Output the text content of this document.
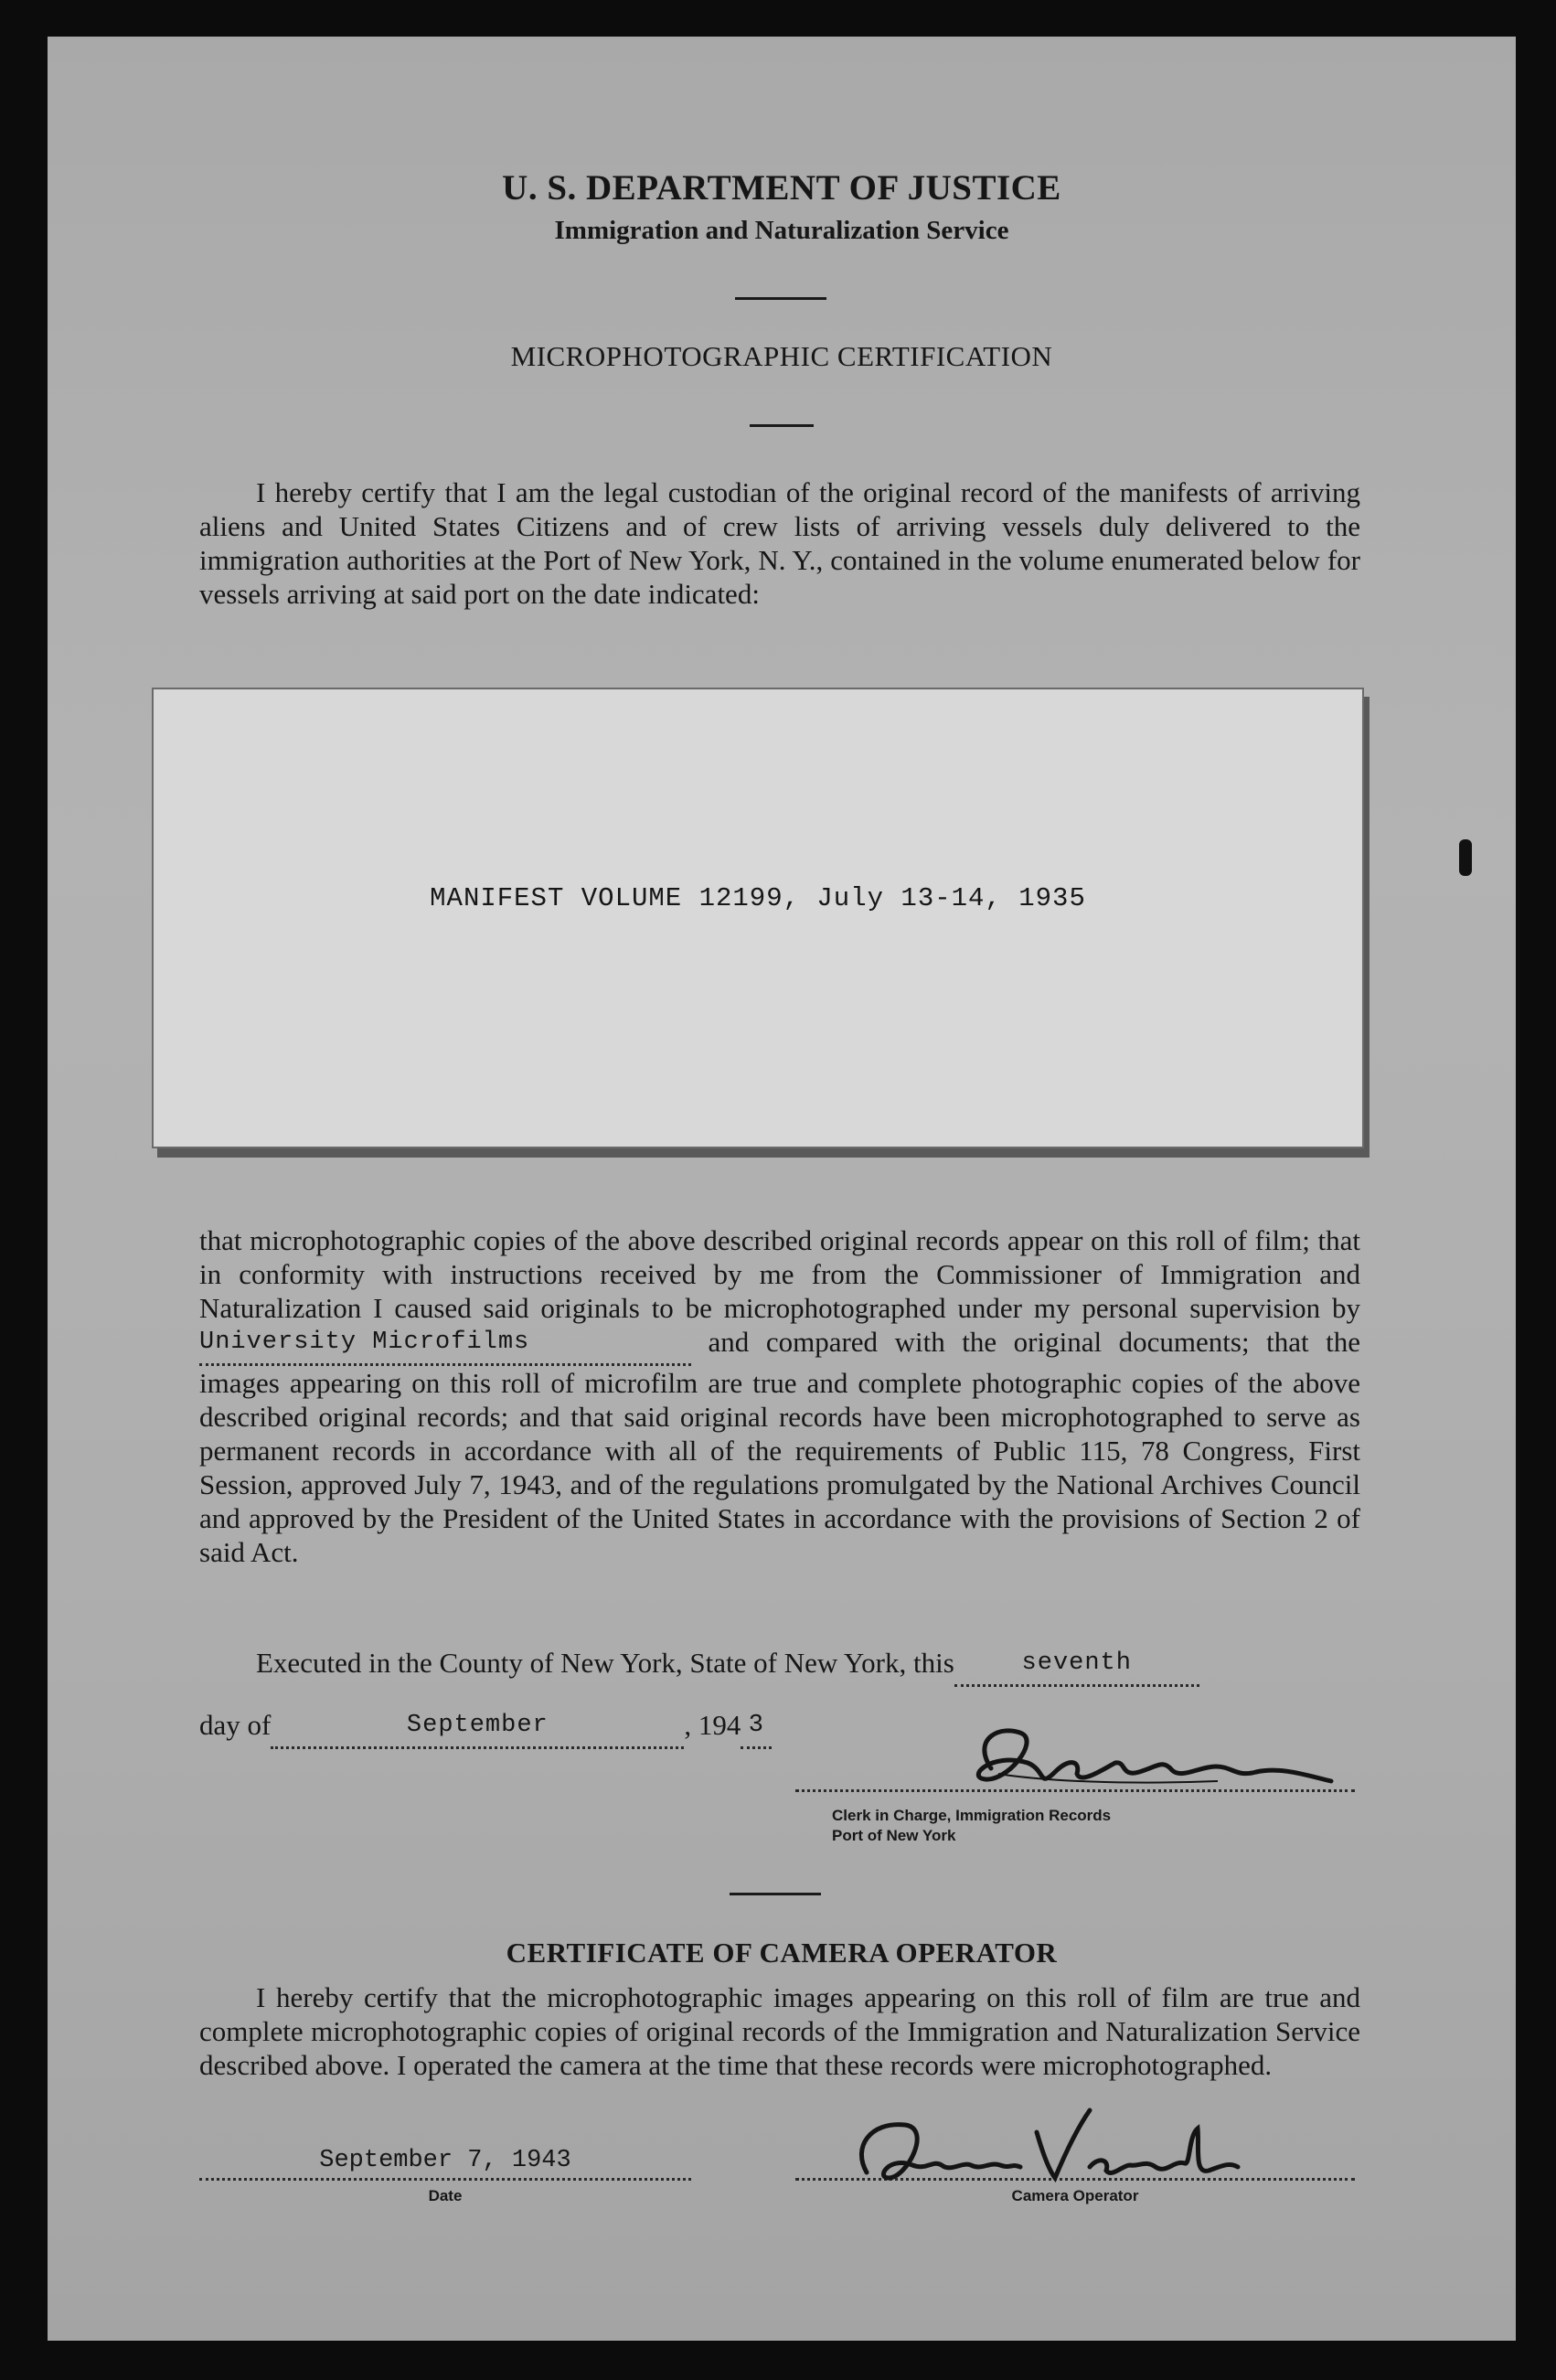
U. S. DEPARTMENT OF JUSTICE
Immigration and Naturalization Service
MICROPHOTOGRAPHIC CERTIFICATION
I hereby certify that I am the legal custodian of the original record of the manifests of arriving aliens and United States Citizens and of crew lists of arriving vessels duly delivered to the immigration authorities at the Port of New York, N. Y., contained in the volume enumerated below for vessels arriving at said port on the date indicated:
MANIFEST VOLUME 12199, July 13-14, 1935
that microphotographic copies of the above described original records appear on this roll of film; that in conformity with instructions received by me from the Commissioner of Immigration and Naturalization I caused said originals to be microphotographed under my personal supervision byUniversity Microfilms	and compared with the original documents; that the images appearing on this roll of microfilm are true and complete photographic copies of the above described original records; and that said original records have been microphotographed to serve as permanent records in accordance with all of the requirements of Public 115, 78 Congress, First Session, approved July 7, 1943, and of the regulations promulgated by the National Archives Council and approved by the President of the United States in accordance with the provisions of Section 2 of said Act.
Executed in the County of New York, State of New York, this	seventh
day of	September	, 194 3
Clerk in Charge, Immigration Records
Port of New York
CERTIFICATE OF CAMERA OPERATOR
I hereby certify that the microphotographic images appearing on this roll of film are true and complete microphotographic copies of original records of the Immigration and Naturalization Service described above. I operated the camera at the time that these records were microphotographed.
September 7, 1943
Date	Camera Operator
